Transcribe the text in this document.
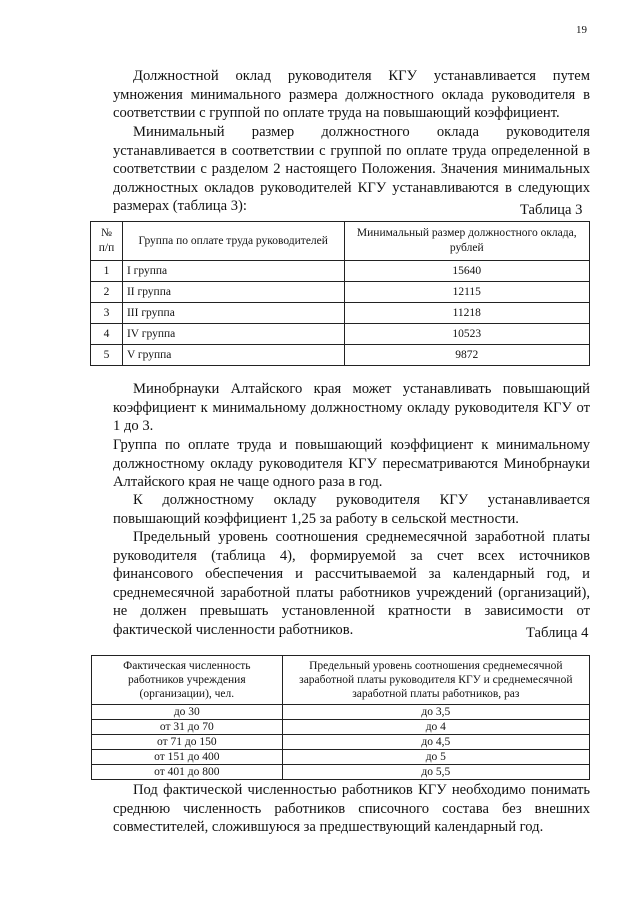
19

Должностной оклад руководителя КГУ устанавливается путем умножения минимального размера должностного оклада руководителя в соответствии с группой по оплате труда на повышающий коэффициент.

Минимальный размер должностного оклада руководителя устанавливается в соответствии с группой по оплате труда определенной в соответствии с разделом 2 настоящего Положения. Значения минимальных должностных окладов руководителей КГУ устанавливаются в следующих размерах (таблица 3):	Таблица 3
№ п/п	Группа по оплате труда руководителей	Минимальный размер должностного оклада, рублей
1	I группа	15640
2	II группа	12115
3	III группа	11218
4	IV группа	10523
5	V группа	9872

Минобрнауки Алтайского края может устанавливать повышающий коэффициент к минимальному должностному окладу руководителя КГУ от 1 до 3.

Группа по оплате труда и повышающий коэффициент к минимальному должностному окладу руководителя КГУ пересматриваются Минобрнауки Алтайского края не чаще одного раза в год.

К должностному окладу руководителя КГУ устанавливается повышающий коэффициент 1,25 за работу в сельской местности.

Предельный уровень соотношения среднемесячной заработной платы руководителя (таблица 4), формируемой за счет всех источников финансового обеспечения и рассчитываемой за календарный год, и среднемесячной заработной платы работников учреждений (организаций), не должен превышать установленной кратности в зависимости от фактической численности работников.	Таблица 4
Фактическая численность работников учреждения (организации), чел.	Предельный уровень соотношения среднемесячной заработной платы руководителя КГУ и среднемесячной заработной платы работников, раз
до 30	до 3,5
от 31 до 70	до 4
от 71 до 150	до 4,5
от 151 до 400	до 5
от 401 до 800	до 5,5

Под фактической численностью работников КГУ необходимо понимать среднюю численность работников списочного состава без внешних совместителей, сложившуюся за предшествующий календарный год.
